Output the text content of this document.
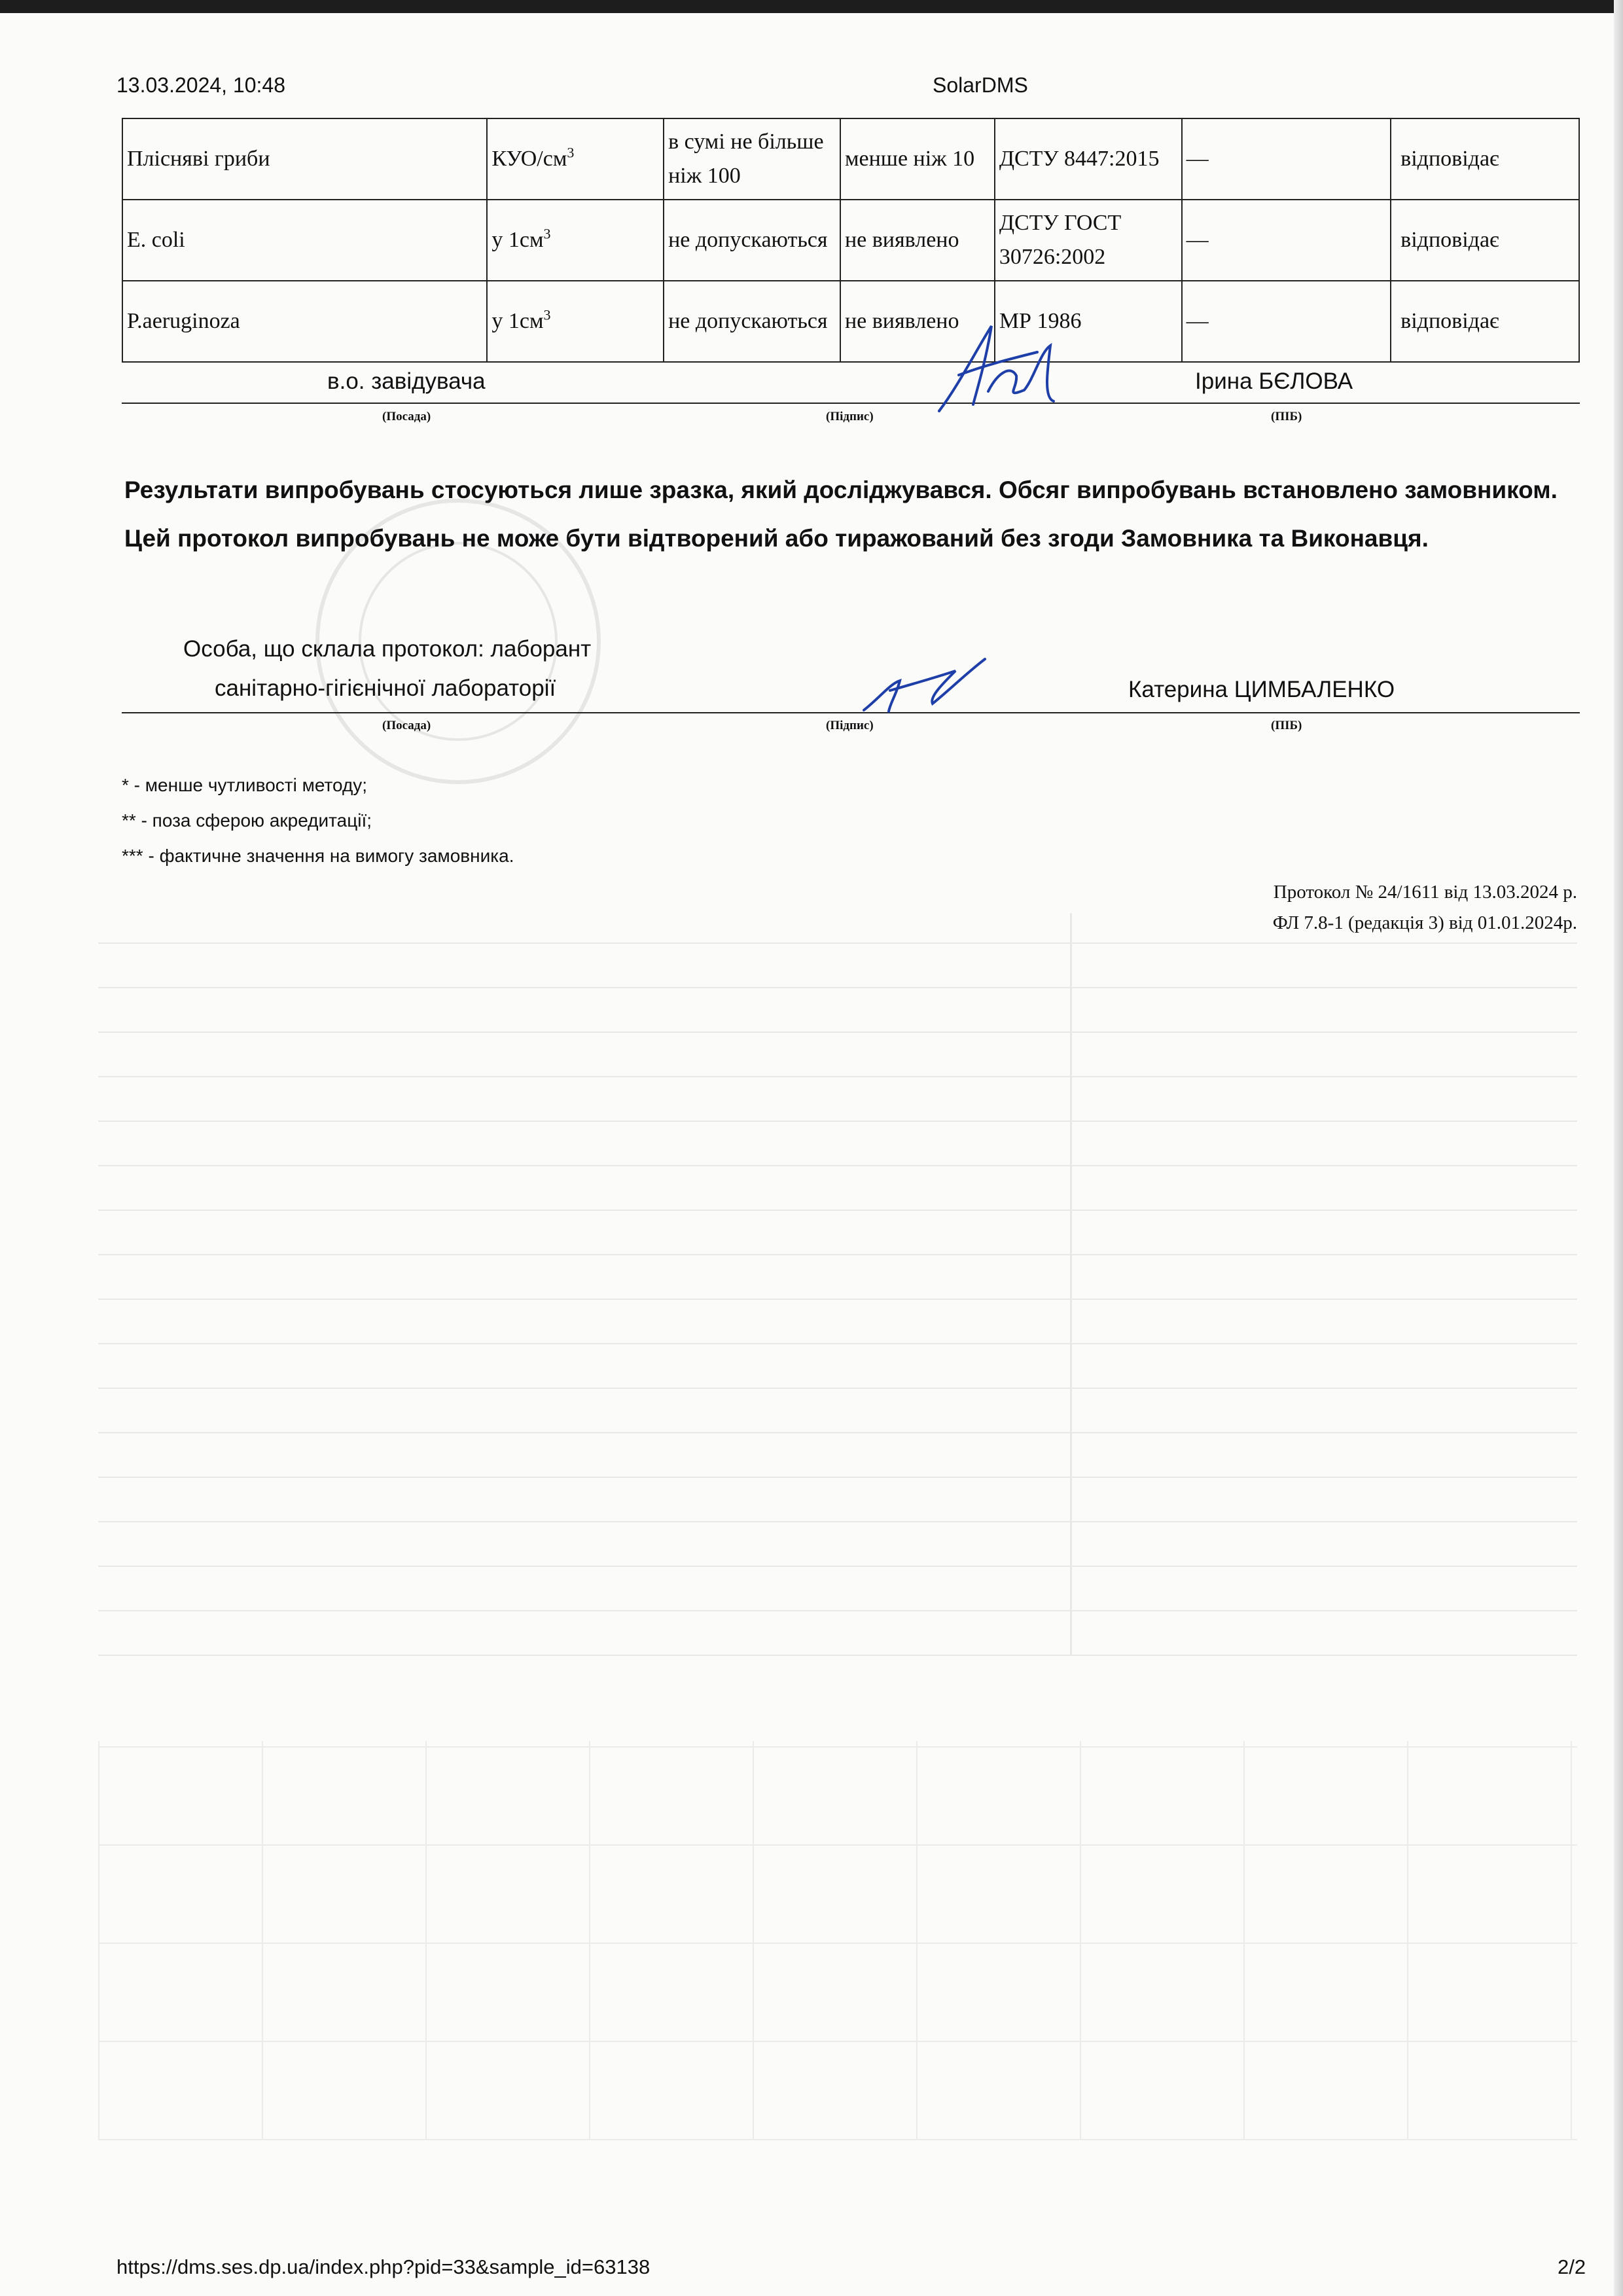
13.03.2024, 10:48	SolarDMS
Плісняві гриби	КУО/$см^3$	в сумі не більше ніж 100	менше ніж 10	ДСТУ 8447:2015	—	відповідає
E. coli	у $1см^3$	не допускаються	не виявлено	ДСТУ ГОСТ 30726:2002	—	відповідає
P.aeruginoza	у $1см^3$	не допускаються	не виявлено	МР 1986	—	відповідає
в.о. завідувача	Ірина БЄЛОВА
(Посада)	(Підпис)	(ПІБ)
Результати випробувань стосуються лише зразка, який досліджувався. Обсяг випробувань встановлено замовником. Цей протокол випробувань не може бути відтворений або тиражований без згоди Замовника та Виконавця.
Особа, що склала протокол: лаборант
санітарно-гігієнічної лабораторії	Катерина ЦИМБАЛЕНКО
(Посада)	(Підпис)	(ПІБ)
* - менше чутливості методу;
** - поза сферою акредитації;
*** - фактичне значення на вимогу замовника.
Протокол № 24/1611 від 13.03.2024 р.
ФЛ 7.8-1 (редакція 3) від 01.01.2024р.
https://dms.ses.dp.ua/index.php?pid=33&sample_id=63138	2/2
